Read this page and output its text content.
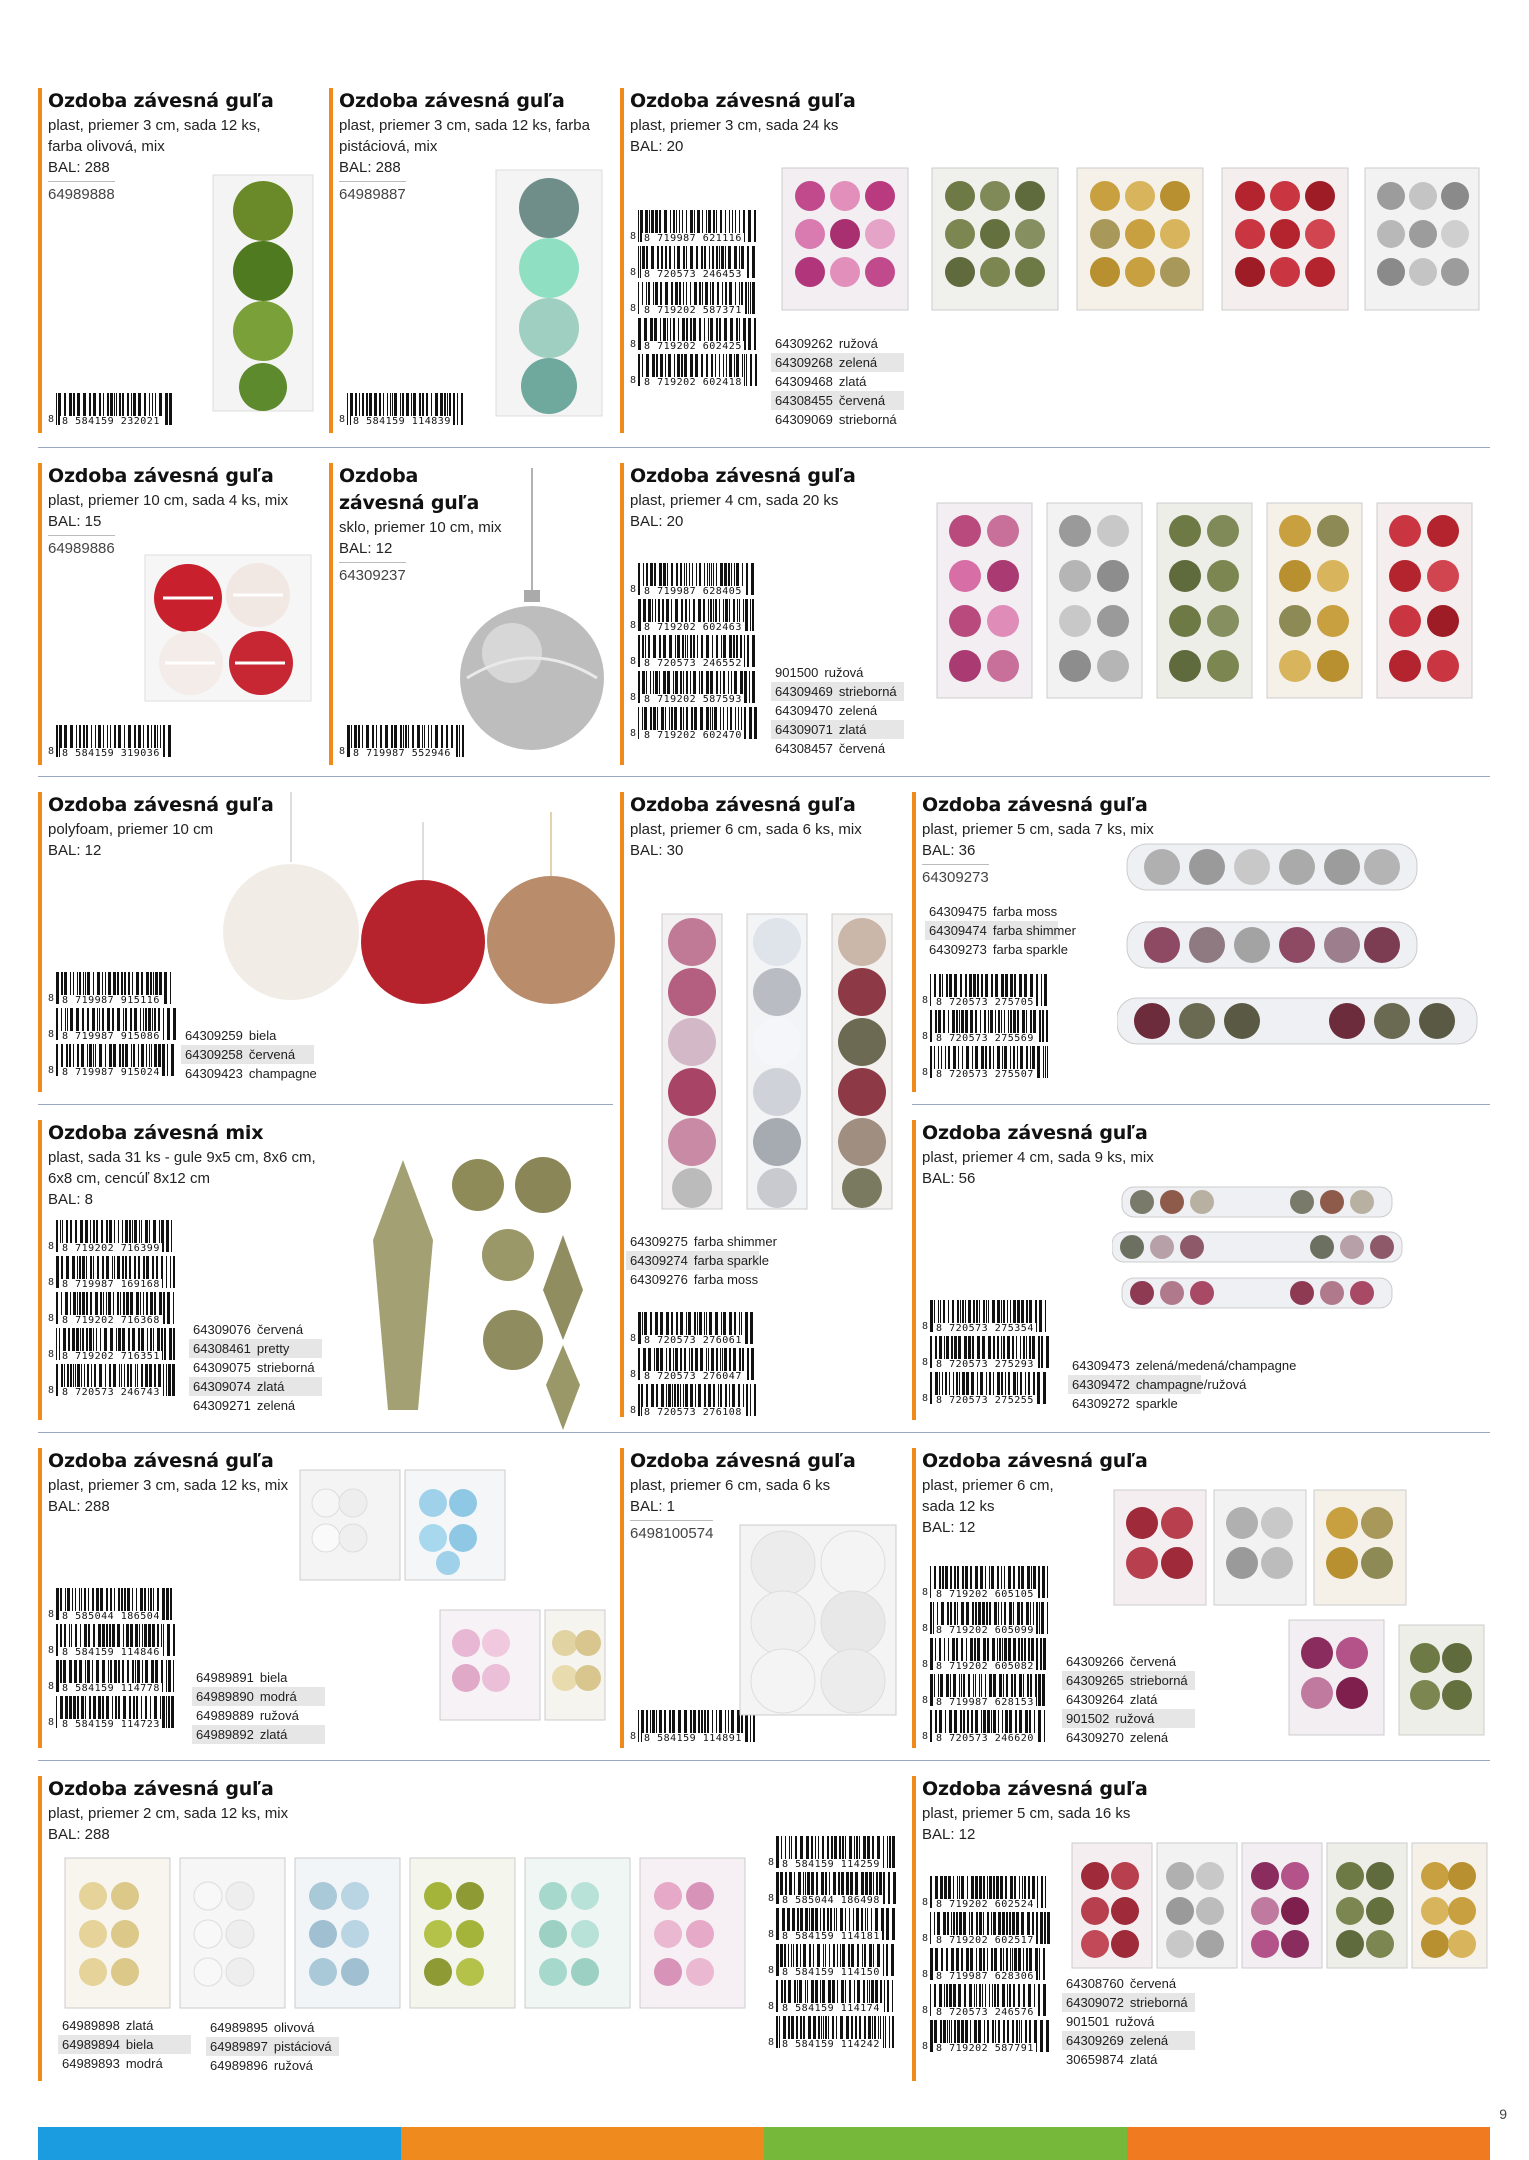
Ozdoba závesná guľa
plast, priemer 3 cm, sada 12 ks, farba olivová, mix
BAL: 288
64989888
8 8 584159 232021
Ozdoba závesná guľa
plast, priemer 3 cm, sada 12 ks, farba pistáciová, mix
BAL: 288
64989887
8 8 584159 114839
Ozdoba závesná guľa
plast, priemer 3 cm, sada 24 ks
BAL: 20
8 8 719987 621116
8 8 720573 246453
8 8 719202 587371
8 8 719202 602425
8 8 719202 602418
64309262 ružová
64309268 zelená
64309468 zlatá
64308455 červená
64309069 strieborná
Ozdoba závesná guľa
plast, priemer 10 cm, sada 4 ks, mix
BAL: 15
64989886
8 8 584159 319036
Ozdoba závesná guľa
sklo, priemer 10 cm, mix
BAL: 12
64309237
8 8 719987 552946
Ozdoba závesná guľa
plast, priemer 4 cm, sada 20 ks
BAL: 20
8 8 719987 628405
8 8 719202 602463
8 8 720573 246552
8 8 719202 587593
8 8 719202 602470
901500 ružová
64309469 strieborná
64309470 zelená
64309071 zlatá
64308457 červená
Ozdoba závesná guľa
polyfoam, priemer 10 cm
BAL: 12
8 8 719987 915116
8 8 719987 915086
8 8 719987 915024
64309259 biela
64309258 červená
64309423 champagne
Ozdoba závesná mix
plast, sada 31 ks - gule 9x5 cm, 8x6 cm, 6x8 cm, cencúľ 8x12 cm
BAL: 8
8 8 719202 716399
8 8 719987 169168
8 8 719202 716368
8 8 719202 716351
8 8 720573 246743
64309076 červená
64308461 pretty
64309075 strieborná
64309074 zlatá
64309271 zelená
Ozdoba závesná guľa
plast, priemer 6 cm, sada 6 ks, mix
BAL: 30
64309275 farba shimmer
64309274 farba sparkle
64309276 farba moss
8 8 720573 276061
8 8 720573 276047
8 8 720573 276108
Ozdoba závesná guľa
plast, priemer 5 cm, sada 7 ks, mix
BAL: 36
64309273
64309475 farba moss
64309474 farba shimmer
64309273 farba sparkle
8 8 720573 275705
8 8 720573 275569
8 8 720573 275507
Ozdoba závesná guľa
plast, priemer 4 cm, sada 9 ks, mix
BAL: 56
8 8 720573 275354
8 8 720573 275293
8 8 720573 275255
64309473 zelená/medená/champagne
64309472 champagne/ružová
64309272 sparkle
Ozdoba závesná guľa
plast, priemer 3 cm, sada 12 ks, mix
BAL: 288
8 8 585044 186504
8 8 584159 114846
8 8 584159 114778
8 8 584159 114723
64989891 biela
64989890 modrá
64989889 ružová
64989892 zlatá
Ozdoba závesná guľa
plast, priemer 6 cm, sada 6 ks
BAL: 1
6498100574
8 8 584159 114891
Ozdoba závesná guľa
plast, priemer 6 cm, sada 12 ks
BAL: 12
8 8 719202 605105
8 8 719202 605099
8 8 719202 605082
8 8 719987 628153
8 8 720573 246620
64309266 červená
64309265 strieborná
64309264 zlatá
901502 ružová
64309270 zelená
Ozdoba závesná guľa
plast, priemer 2 cm, sada 12 ks, mix
BAL: 288
64989898 zlatá
64989894 biela
64989893 modrá
64989895 olivová
64989897 pistáciová
64989896 ružová
8 8 584159 114259
8 8 585044 186498
8 8 584159 114181
8 8 584159 114150
8 8 584159 114174
8 8 584159 114242
Ozdoba závesná guľa
plast, priemer 5 cm, sada 16 ks
BAL: 12
8 8 719202 602524
8 8 719202 602517
8 8 719987 628306
8 8 720573 246576
8 8 719202 587791
64308760 červená
64309072 strieborná
901501 ružová
64309269 zelená
30659874 zlatá
9
